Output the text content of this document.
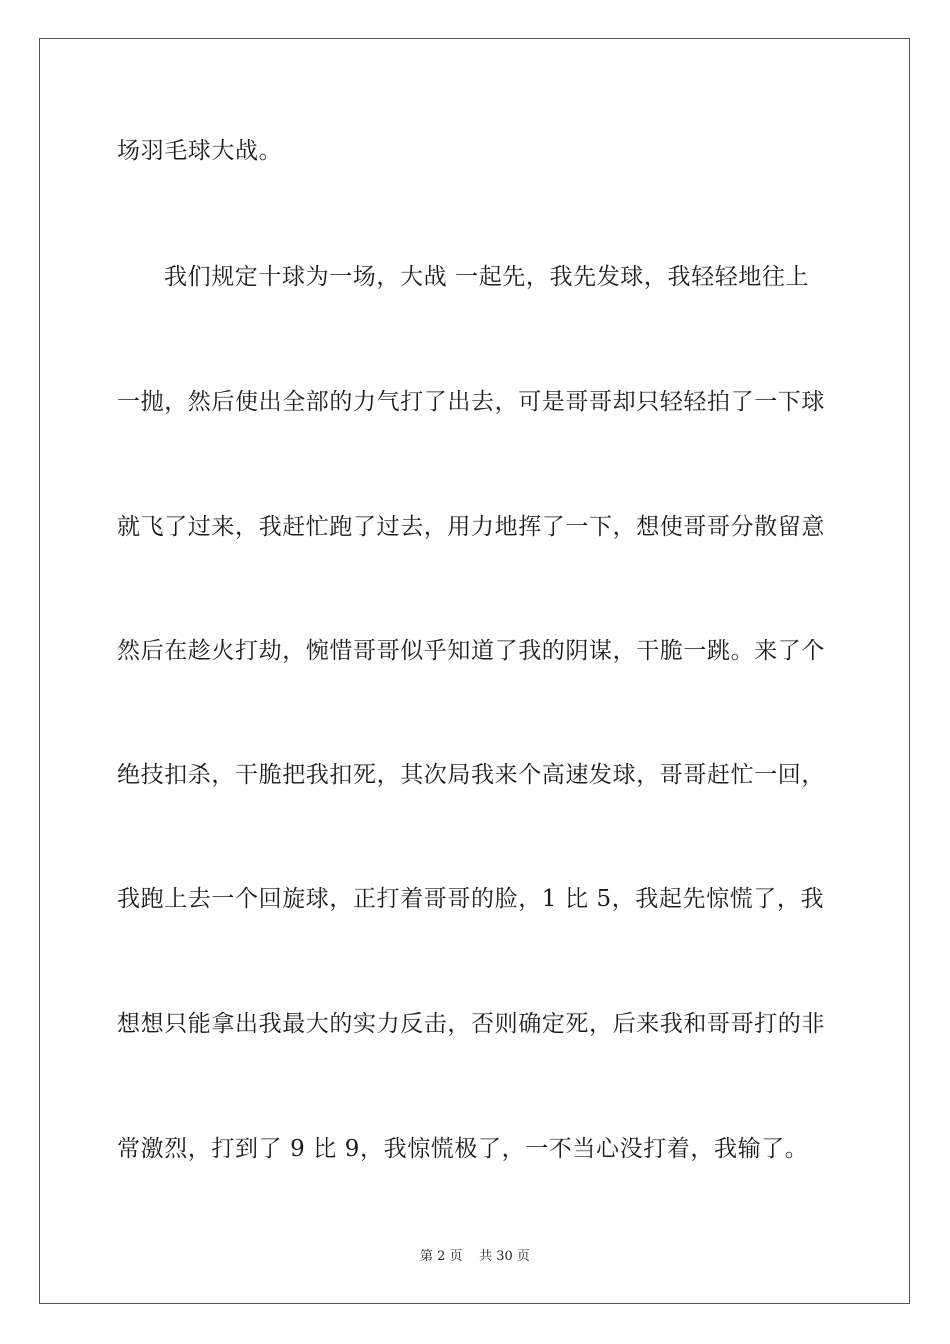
场羽毛球大战。
我们规定十球为一场，大战 一起先，我先发球，我轻轻地往上
一抛，然后使出全部的力气打了出去，可是哥哥却只轻轻拍了一下球
就飞了过来，我赶忙跑了过去，用力地挥了一下，想使哥哥分散留意
然后在趁火打劫，惋惜哥哥似乎知道了我的阴谋，干脆一跳。来了个
绝技扣杀，干脆把我扣死，其次局我来个高速发球，哥哥赶忙一回，
我跑上去一个回旋球，正打着哥哥的脸，1 比 5，我起先惊慌了，我
想想只能拿出我最大的实力反击，否则确定死，后来我和哥哥打的非
常激烈，打到了 9 比 9，我惊慌极了，一不当心没打着，我输了。
第 2 页 共 30 页
